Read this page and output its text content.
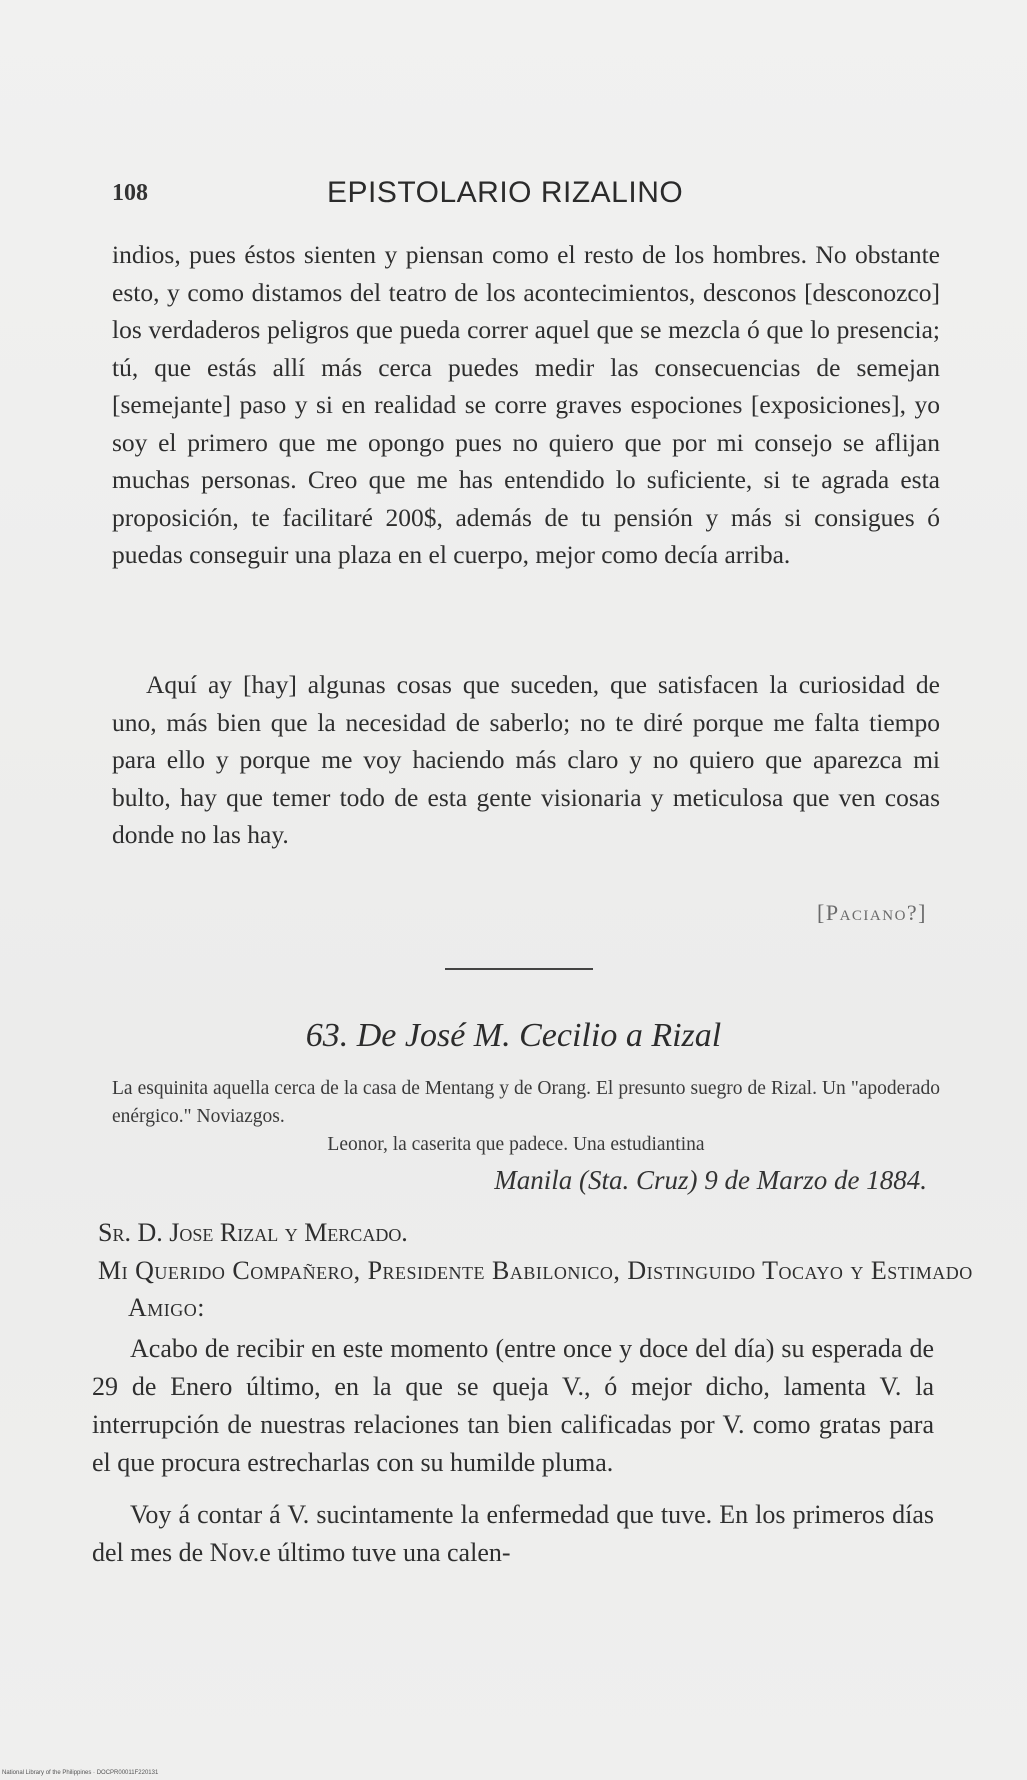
108	EPISTOLARIO RIZALINO

indios, pues éstos sienten y piensan como el resto de los hombres. No obstante esto, y como distamos del teatro de los acontecimientos, desconos [desconozco] los verdaderos peligros que pueda correr aquel que se mezcla ó que lo presencia; tú, que estás allí más cerca puedes medir las consecuencias de semejan [semejante] paso y si en realidad se corre graves espociones [exposiciones], yo soy el primero que me opongo pues no quiero que por mi consejo se aflijan muchas personas. Creo que me has entendido lo suficiente, si te agrada esta proposición, te facilitaré 200$, además de tu pensión y más si consigues ó puedas conseguir una plaza en el cuerpo, mejor como decía arriba.

Aquí ay [hay] algunas cosas que suceden, que satisfacen la curiosidad de uno, más bien que la necesidad de saberlo; no te diré porque me falta tiempo para ello y porque me voy haciendo más claro y no quiero que aparezca mi bulto, hay que temer todo de esta gente visionaria y meticulosa que ven cosas donde no las hay.

[Paciano?]
63. De José M. Cecilio a Rizal

La esquinita aquella cerca de la casa de Mentang y de Orang. El presunto suegro de Rizal. Un "apoderado enérgico." Noviazgos.
Leonor, la caserita que padece. Una estudiantina

Manila (Sta. Cruz) 9 de Marzo de 1884.
Sr. D. Jose Rizal y Mercado.
Mi Querido Compañero, Presidente Babilonico, Distinguido Tocayo y Estimado Amigo:

Acabo de recibir en este momento (entre once y doce del día) su esperada de 29 de Enero último, en la que se queja V., ó mejor dicho, lamenta V. la interrupción de nuestras relaciones tan bien calificadas por V. como gratas para el que procura estrecharlas con su humilde pluma.

Voy á contar á V. sucintamente la enfermedad que tuve. En los primeros días del mes de Nov.e último tuve una calen-

National Library of the Philippines · DOCPR00011F220131
